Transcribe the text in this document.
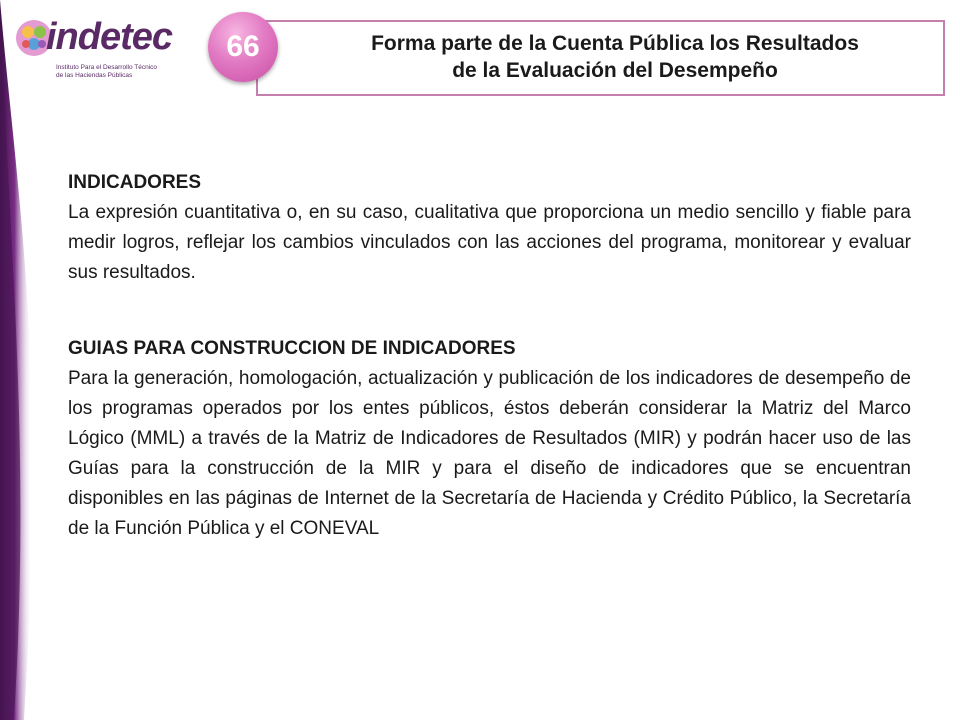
indetec
Instituto Para el Desarrollo Técnico
de las Haciendas Públicas
66	Forma parte de la Cuenta Pública los Resultados
de la Evaluación del Desempeño
INDICADORES

La expresión cuantitativa o, en su caso, cualitativa que proporciona un medio sencillo y fiable para medir logros, reflejar los cambios vinculados con las acciones del programa, monitorear y evaluar sus resultados.

GUIAS PARA CONSTRUCCION DE INDICADORES

Para la generación, homologación, actualización y publicación de los indicadores de desempeño de los programas operados por los entes públicos, éstos deberán considerar la Matriz del Marco Lógico (MML) a través de la Matriz de Indicadores de Resultados (MIR) y podrán hacer uso de las Guías para la construcción de la MIR y para el diseño de indicadores que se encuentran disponibles en las páginas de Internet de la Secretaría de Hacienda y Crédito Público, la Secretaría de la Función Pública y el CONEVAL
